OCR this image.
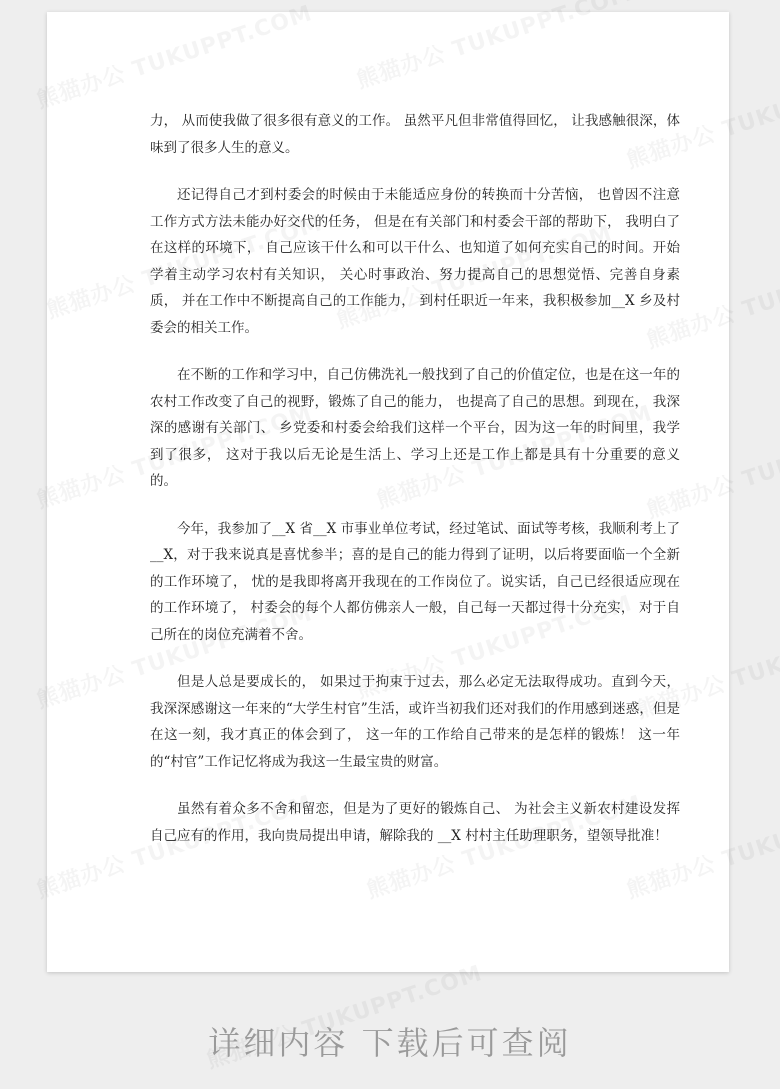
力， 从而使我做了很多很有意义的工作。 虽然平凡但非常值得回忆， 让我感触很深，体味到了很多人生的意义。

还记得自己才到村委会的时候由于未能适应身份的转换而十分苦恼， 也曾因不注意工作方式方法未能办好交代的任务， 但是在有关部门和村委会干部的帮助下， 我明白了在这样的环境下， 自己应该干什么和可以干什么、也知道了如何充实自己的时间。开始学着主动学习农村有关知识， 关心时事政治、努力提高自己的思想觉悟、完善自身素质， 并在工作中不断提高自己的工作能力， 到村任职近一年来，我积极参加__X 乡及村委会的相关工作。

在不断的工作和学习中，自己仿佛洗礼一般找到了自己的价值定位，也是在这一年的农村工作改变了自己的视野，锻炼了自己的能力， 也提高了自己的思想。到现在， 我深深的感谢有关部门、 乡党委和村委会给我们这样一个平台，因为这一年的时间里，我学到了很多， 这对于我以后无论是生活上、学习上还是工作上都是具有十分重要的意义的。

今年，我参加了__X 省__X 市事业单位考试，经过笔试、面试等考核，我顺利考上了__X，对于我来说真是喜忧参半；喜的是自己的能力得到了证明，以后将要面临一个全新的工作环境了， 忧的是我即将离开我现在的工作岗位了。说实话，自己已经很适应现在的工作环境了， 村委会的每个人都仿佛亲人一般，自己每一天都过得十分充实， 对于自己所在的岗位充满着不舍。

但是人总是要成长的， 如果过于拘束于过去，那么必定无法取得成功。直到今天，我深深感谢这一年来的“大学生村官”生活，或许当初我们还对我们的作用感到迷惑，但是在这一刻，我才真正的体会到了， 这一年的工作给自己带来的是怎样的锻炼！ 这一年的“村官”工作记忆将成为我这一生最宝贵的财富。

虽然有着众多不舍和留恋，但是为了更好的锻炼自己、 为社会主义新农村建设发挥自己应有的作用，我向贵局提出申请，解除我的 __X 村村主任助理职务，望领导批准！

详细内容 下载后可查阅
